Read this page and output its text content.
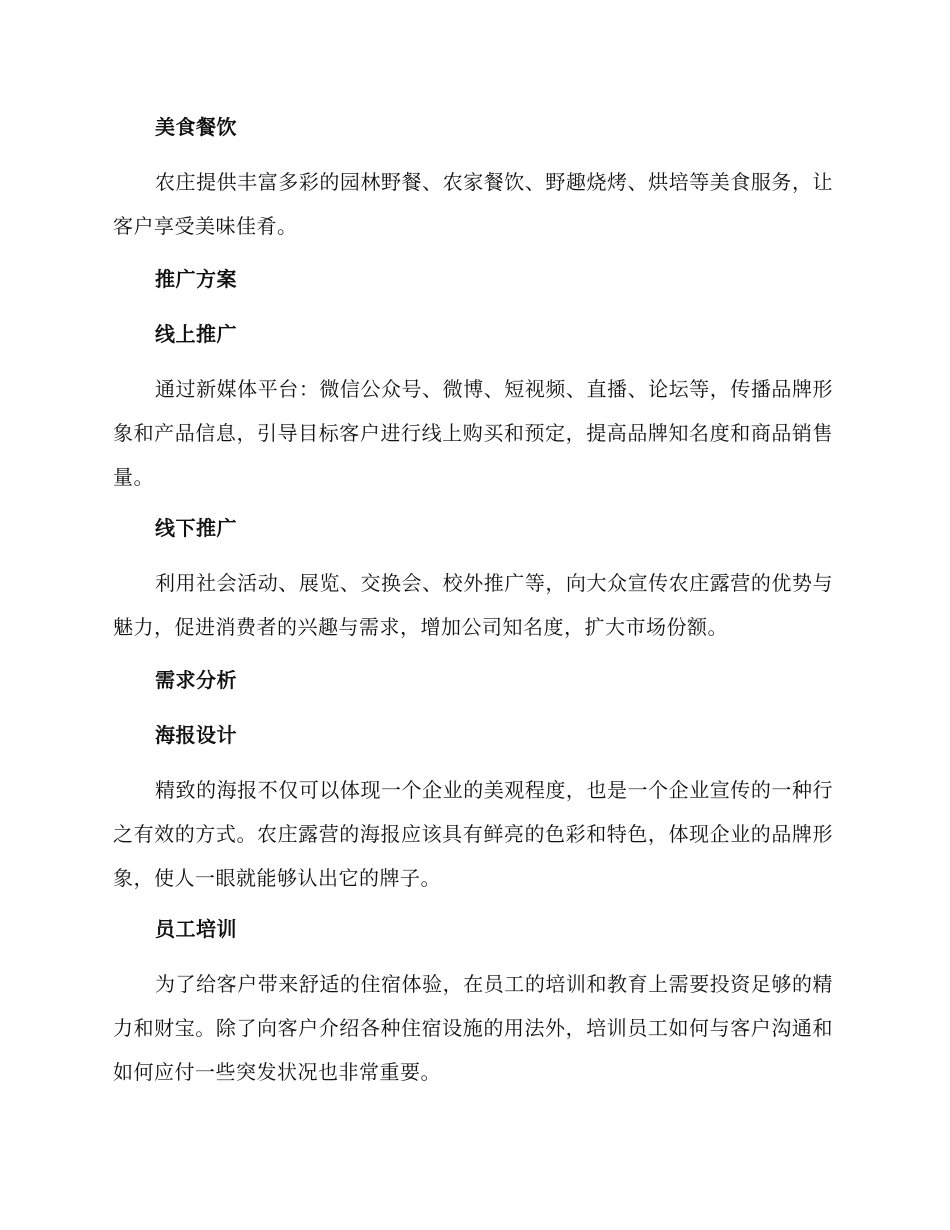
美食餐饮

农庄提供丰富多彩的园林野餐、农家餐饮、野趣烧烤、烘培等美食服务，让客户享受美味佳肴。

推广方案
线上推广

通过新媒体平台：微信公众号、微博、短视频、直播、论坛等，传播品牌形象和产品信息，引导目标客户进行线上购买和预定，提高品牌知名度和商品销售量。

线下推广

利用社会活动、展览、交换会、校外推广等，向大众宣传农庄露营的优势与魅力，促进消费者的兴趣与需求，增加公司知名度，扩大市场份额。

需求分析
海报设计

精致的海报不仅可以体现一个企业的美观程度，也是一个企业宣传的一种行之有效的方式。农庄露营的海报应该具有鲜亮的色彩和特色，体现企业的品牌形象，使人一眼就能够认出它的牌子。

员工培训

为了给客户带来舒适的住宿体验，在员工的培训和教育上需要投资足够的精力和财宝。除了向客户介绍各种住宿设施的用法外，培训员工如何与客户沟通和如何应付一些突发状况也非常重要。
